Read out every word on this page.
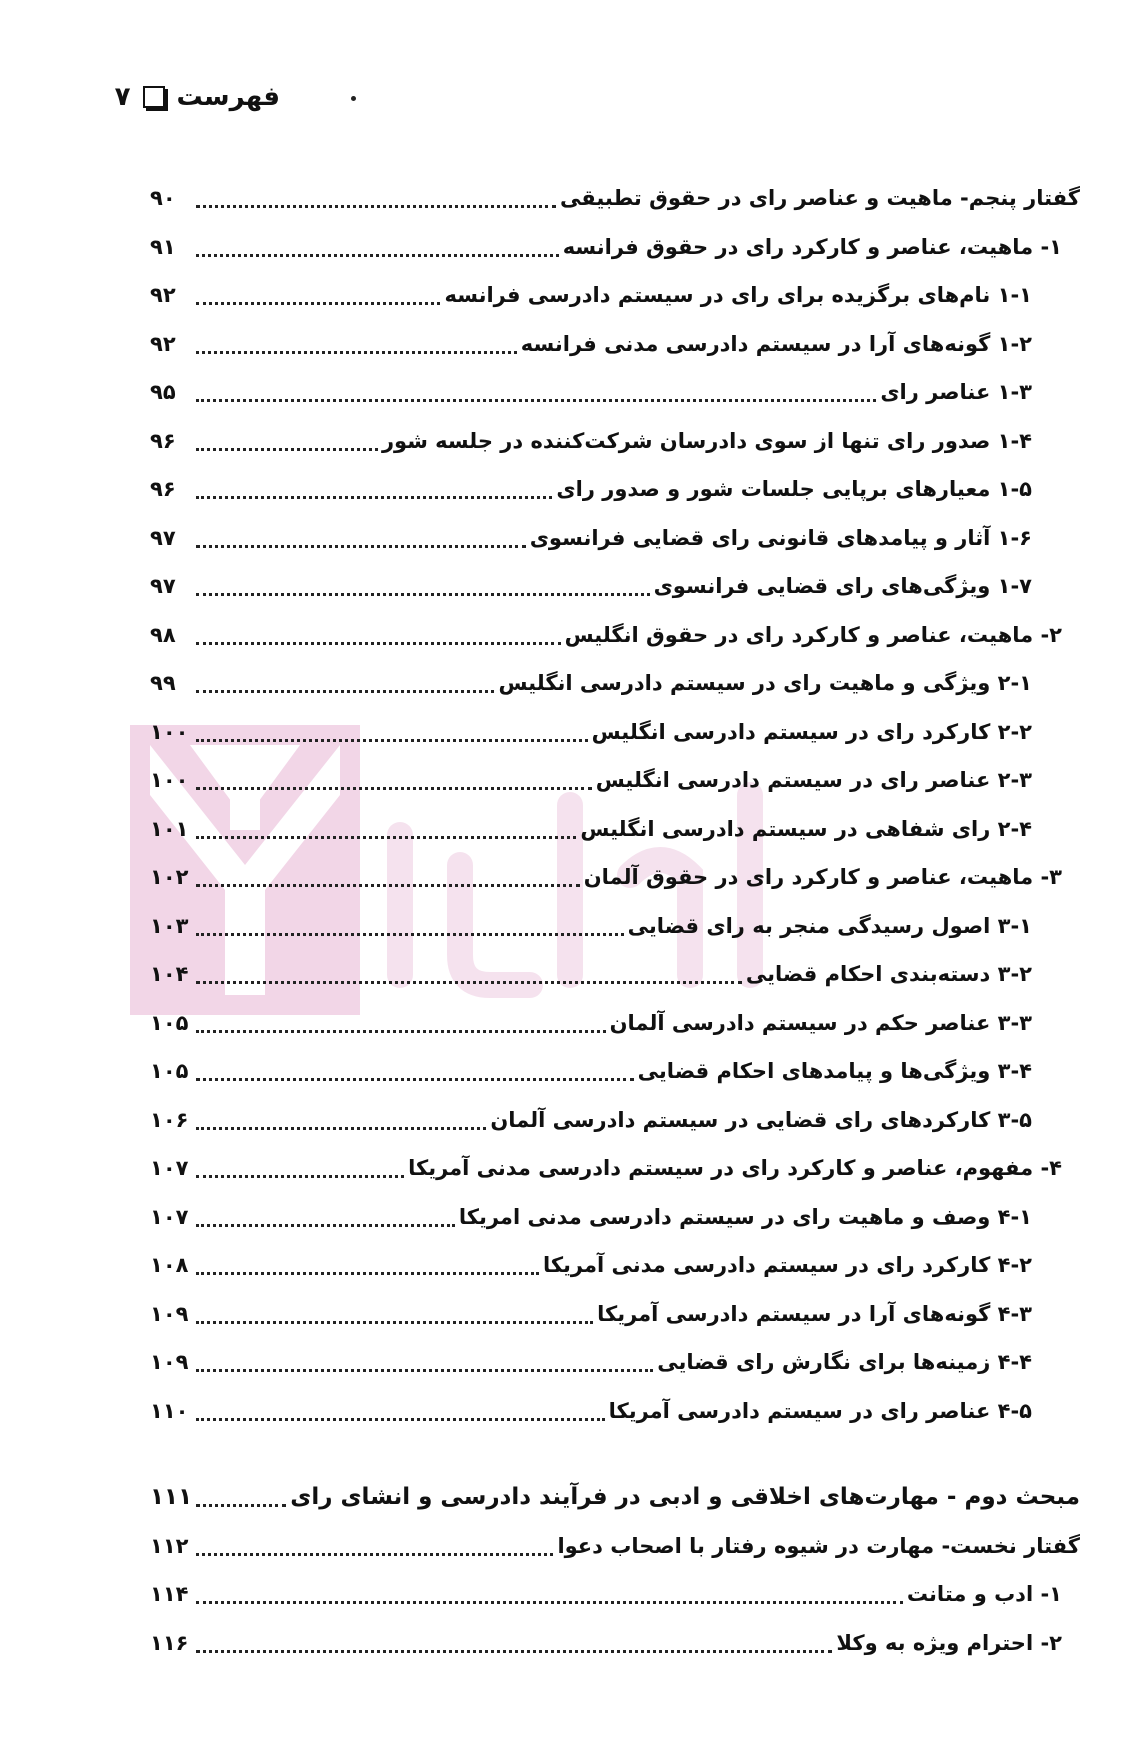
فهرست
۷
گفتار پنجم- ماهیت و عناصر رای در حقوق تطبیقی
۹۰
۱- ماهیت، عناصر و کارکرد رای در حقوق فرانسه
۹۱
۱-۱ نام‌های برگزیده برای رای در سیستم دادرسی فرانسه
۹۲
۱-۲ گونه‌های آرا در سیستم دادرسی مدنی فرانسه
۹۲
۱-۳ عناصر رای
۹۵
۱-۴ صدور رای تنها از سوی دادرسان شرکت‌کننده در جلسه شور
۹۶
۱-۵ معیارهای برپایی جلسات شور و صدور رای
۹۶
۱-۶ آثار و پیامدهای قانونی رای قضایی فرانسوی
۹۷
۱-۷ ویژگی‌های رای قضایی فرانسوی
۹۷
۲- ماهیت، عناصر و کارکرد رای در حقوق انگلیس
۹۸
۲-۱ ویژگی و ماهیت رای در سیستم دادرسی انگلیس
۹۹
۲-۲ کارکرد رای در سیستم دادرسی انگلیس
۱۰۰
۲-۳ عناصر رای در سیستم دادرسی انگلیس
۱۰۰
۲-۴ رای شفاهی در سیستم دادرسی انگلیس
۱۰۱
۳- ماهیت، عناصر و کارکرد رای در حقوق آلمان
۱۰۲
۳-۱ اصول رسیدگی منجر به رای قضایی
۱۰۳
۳-۲ دسته‌بندی احکام قضایی
۱۰۴
۳-۳ عناصر حکم در سیستم دادرسی آلمان
۱۰۵
۳-۴ ویژگی‌ها و پیامدهای احکام قضایی
۱۰۵
۳-۵ کارکردهای رای قضایی در سیستم دادرسی آلمان
۱۰۶
۴- مفهوم، عناصر و کارکرد رای در سیستم دادرسی مدنی آمریکا
۱۰۷
۴-۱ وصف و ماهیت رای در سیستم دادرسی مدنی امریکا
۱۰۷
۴-۲ کارکرد رای در سیستم دادرسی مدنی آمریکا
۱۰۸
۴-۳ گونه‌های آرا در سیستم دادرسی آمریکا
۱۰۹
۴-۴ زمینه‌ها برای نگارش رای قضایی
۱۰۹
۴-۵ عناصر رای در سیستم دادرسی آمریکا
۱۱۰
مبحث دوم - مهارت‌های اخلاقی و ادبی در فرآیند دادرسی و انشای رای
۱۱۱
گفتار نخست- مهارت در شیوه رفتار با اصحاب دعوا
۱۱۲
۱- ادب و متانت
۱۱۴
۲- احترام ویژه به وکلا
۱۱۶
